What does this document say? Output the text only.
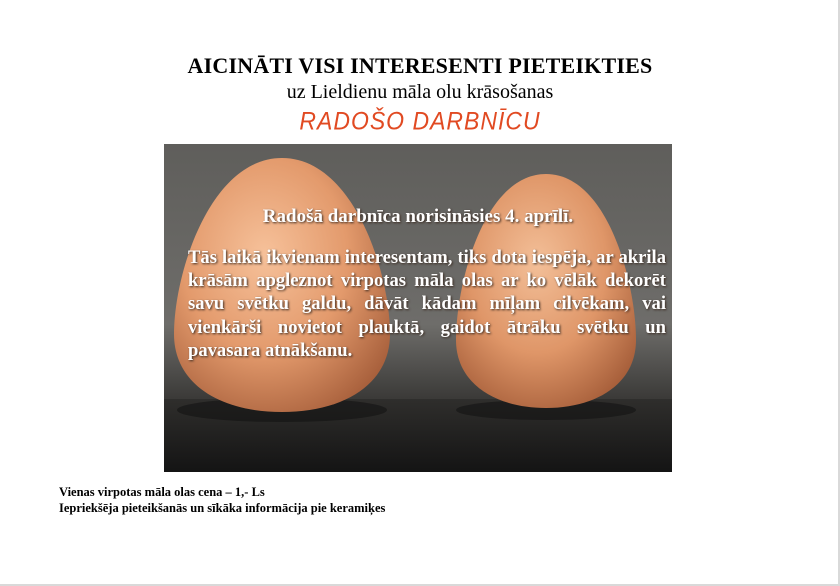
AICINĀTI VISI INTERESENTI PIETEIKTIES
uz Lieldienu māla olu krāsošanas
RADOŠO DARBNĪCU
Radošā darbnīca norisināsies 4. aprīlī.

Tās laikā ikvienam interesentam, tiks dota iespēja, ar akrila krāsām apgleznot virpotas māla olas ar ko vēlāk dekorēt savu svētku galdu, dāvāt kādam mīļam cilvēkam, vai vienkārši novietot plauktā, gaidot ātrāku svētku un pavasara atnākšanu.

Vienas virpotas māla olas cena – 1,- Ls
Iepriekšēja pieteikšanās un sīkāka informācija pie keramiķes
